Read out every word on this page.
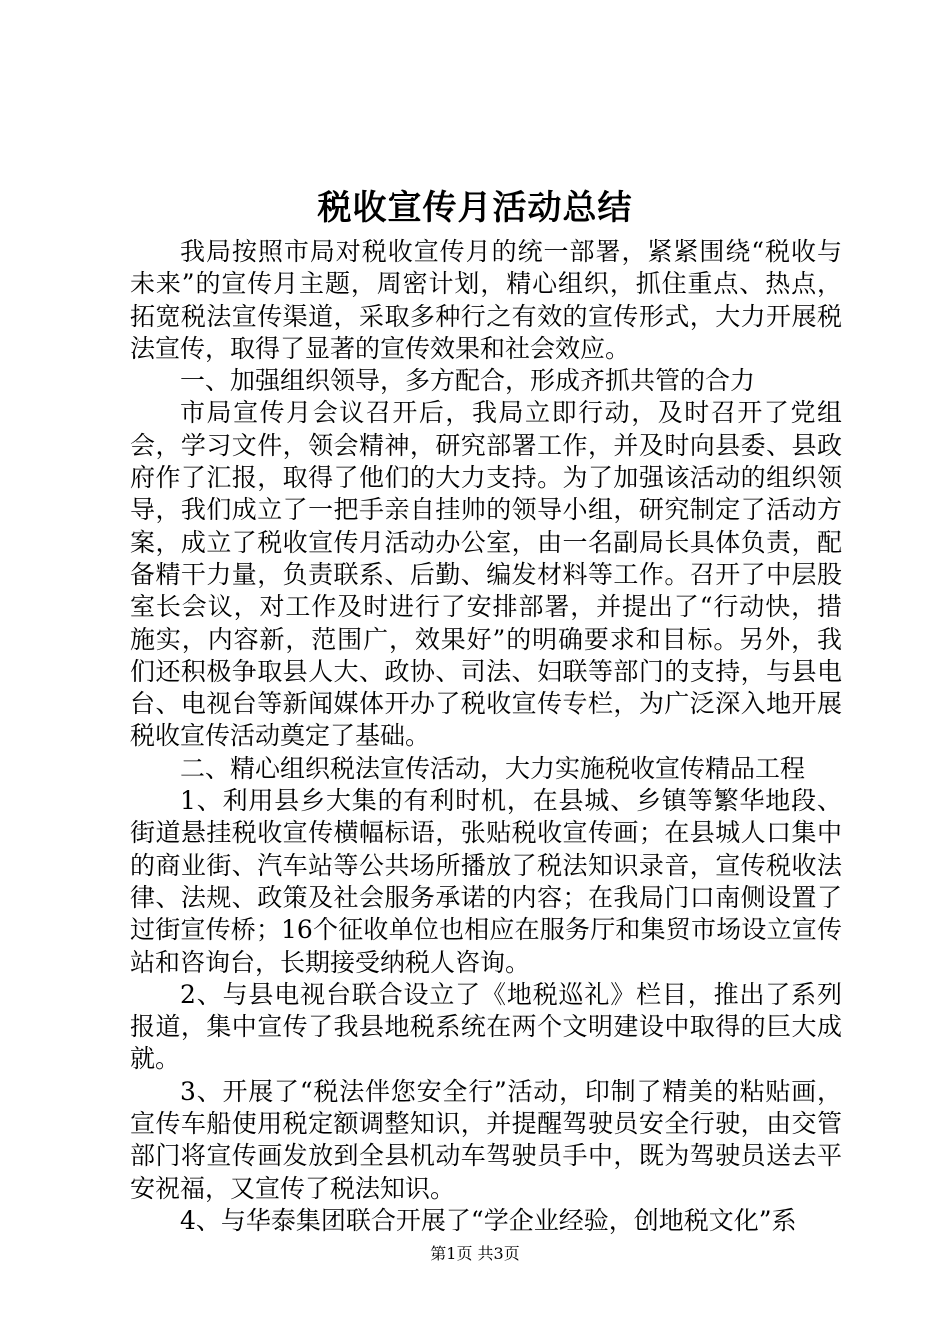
税收宣传月活动总结

我局按照市局对税收宣传月的统一部署，紧紧围绕“税收与未来”的宣传月主题，周密计划，精心组织，抓住重点、热点，拓宽税法宣传渠道，采取多种行之有效的宣传形式，大力开展税法宣传，取得了显著的宣传效果和社会效应。

一、加强组织领导，多方配合，形成齐抓共管的合力

市局宣传月会议召开后，我局立即行动，及时召开了党组会，学习文件，领会精神，研究部署工作，并及时向县委、县政府作了汇报，取得了他们的大力支持。为了加强该活动的组织领导，我们成立了一把手亲自挂帅的领导小组，研究制定了活动方案，成立了税收宣传月活动办公室，由一名副局长具体负责，配备精干力量，负责联系、后勤、编发材料等工作。召开了中层股室长会议，对工作及时进行了安排部署，并提出了“行动快，措施实，内容新，范围广，效果好”的明确要求和目标。另外，我们还积极争取县人大、政协、司法、妇联等部门的支持，与县电台、电视台等新闻媒体开办了税收宣传专栏，为广泛深入地开展税收宣传活动奠定了基础。

二、精心组织税法宣传活动，大力实施税收宣传精品工程

1、利用县乡大集的有利时机，在县城、乡镇等繁华地段、街道悬挂税收宣传横幅标语，张贴税收宣传画；在县城人口集中的商业街、汽车站等公共场所播放了税法知识录音，宣传税收法律、法规、政策及社会服务承诺的内容；在我局门口南侧设置了过街宣传桥；16个征收单位也相应在服务厅和集贸市场设立宣传站和咨询台，长期接受纳税人咨询。

2、与县电视台联合设立了《地税巡礼》栏目，推出了系列报道，集中宣传了我县地税系统在两个文明建设中取得的巨大成就。

3、开展了“税法伴您安全行”活动，印制了精美的粘贴画，宣传车船使用税定额调整知识，并提醒驾驶员安全行驶，由交管部门将宣传画发放到全县机动车驾驶员手中，既为驾驶员送去平安祝福，又宣传了税法知识。

4、与华泰集团联合开展了“学企业经验，创地税文化”系

第1页 共3页
